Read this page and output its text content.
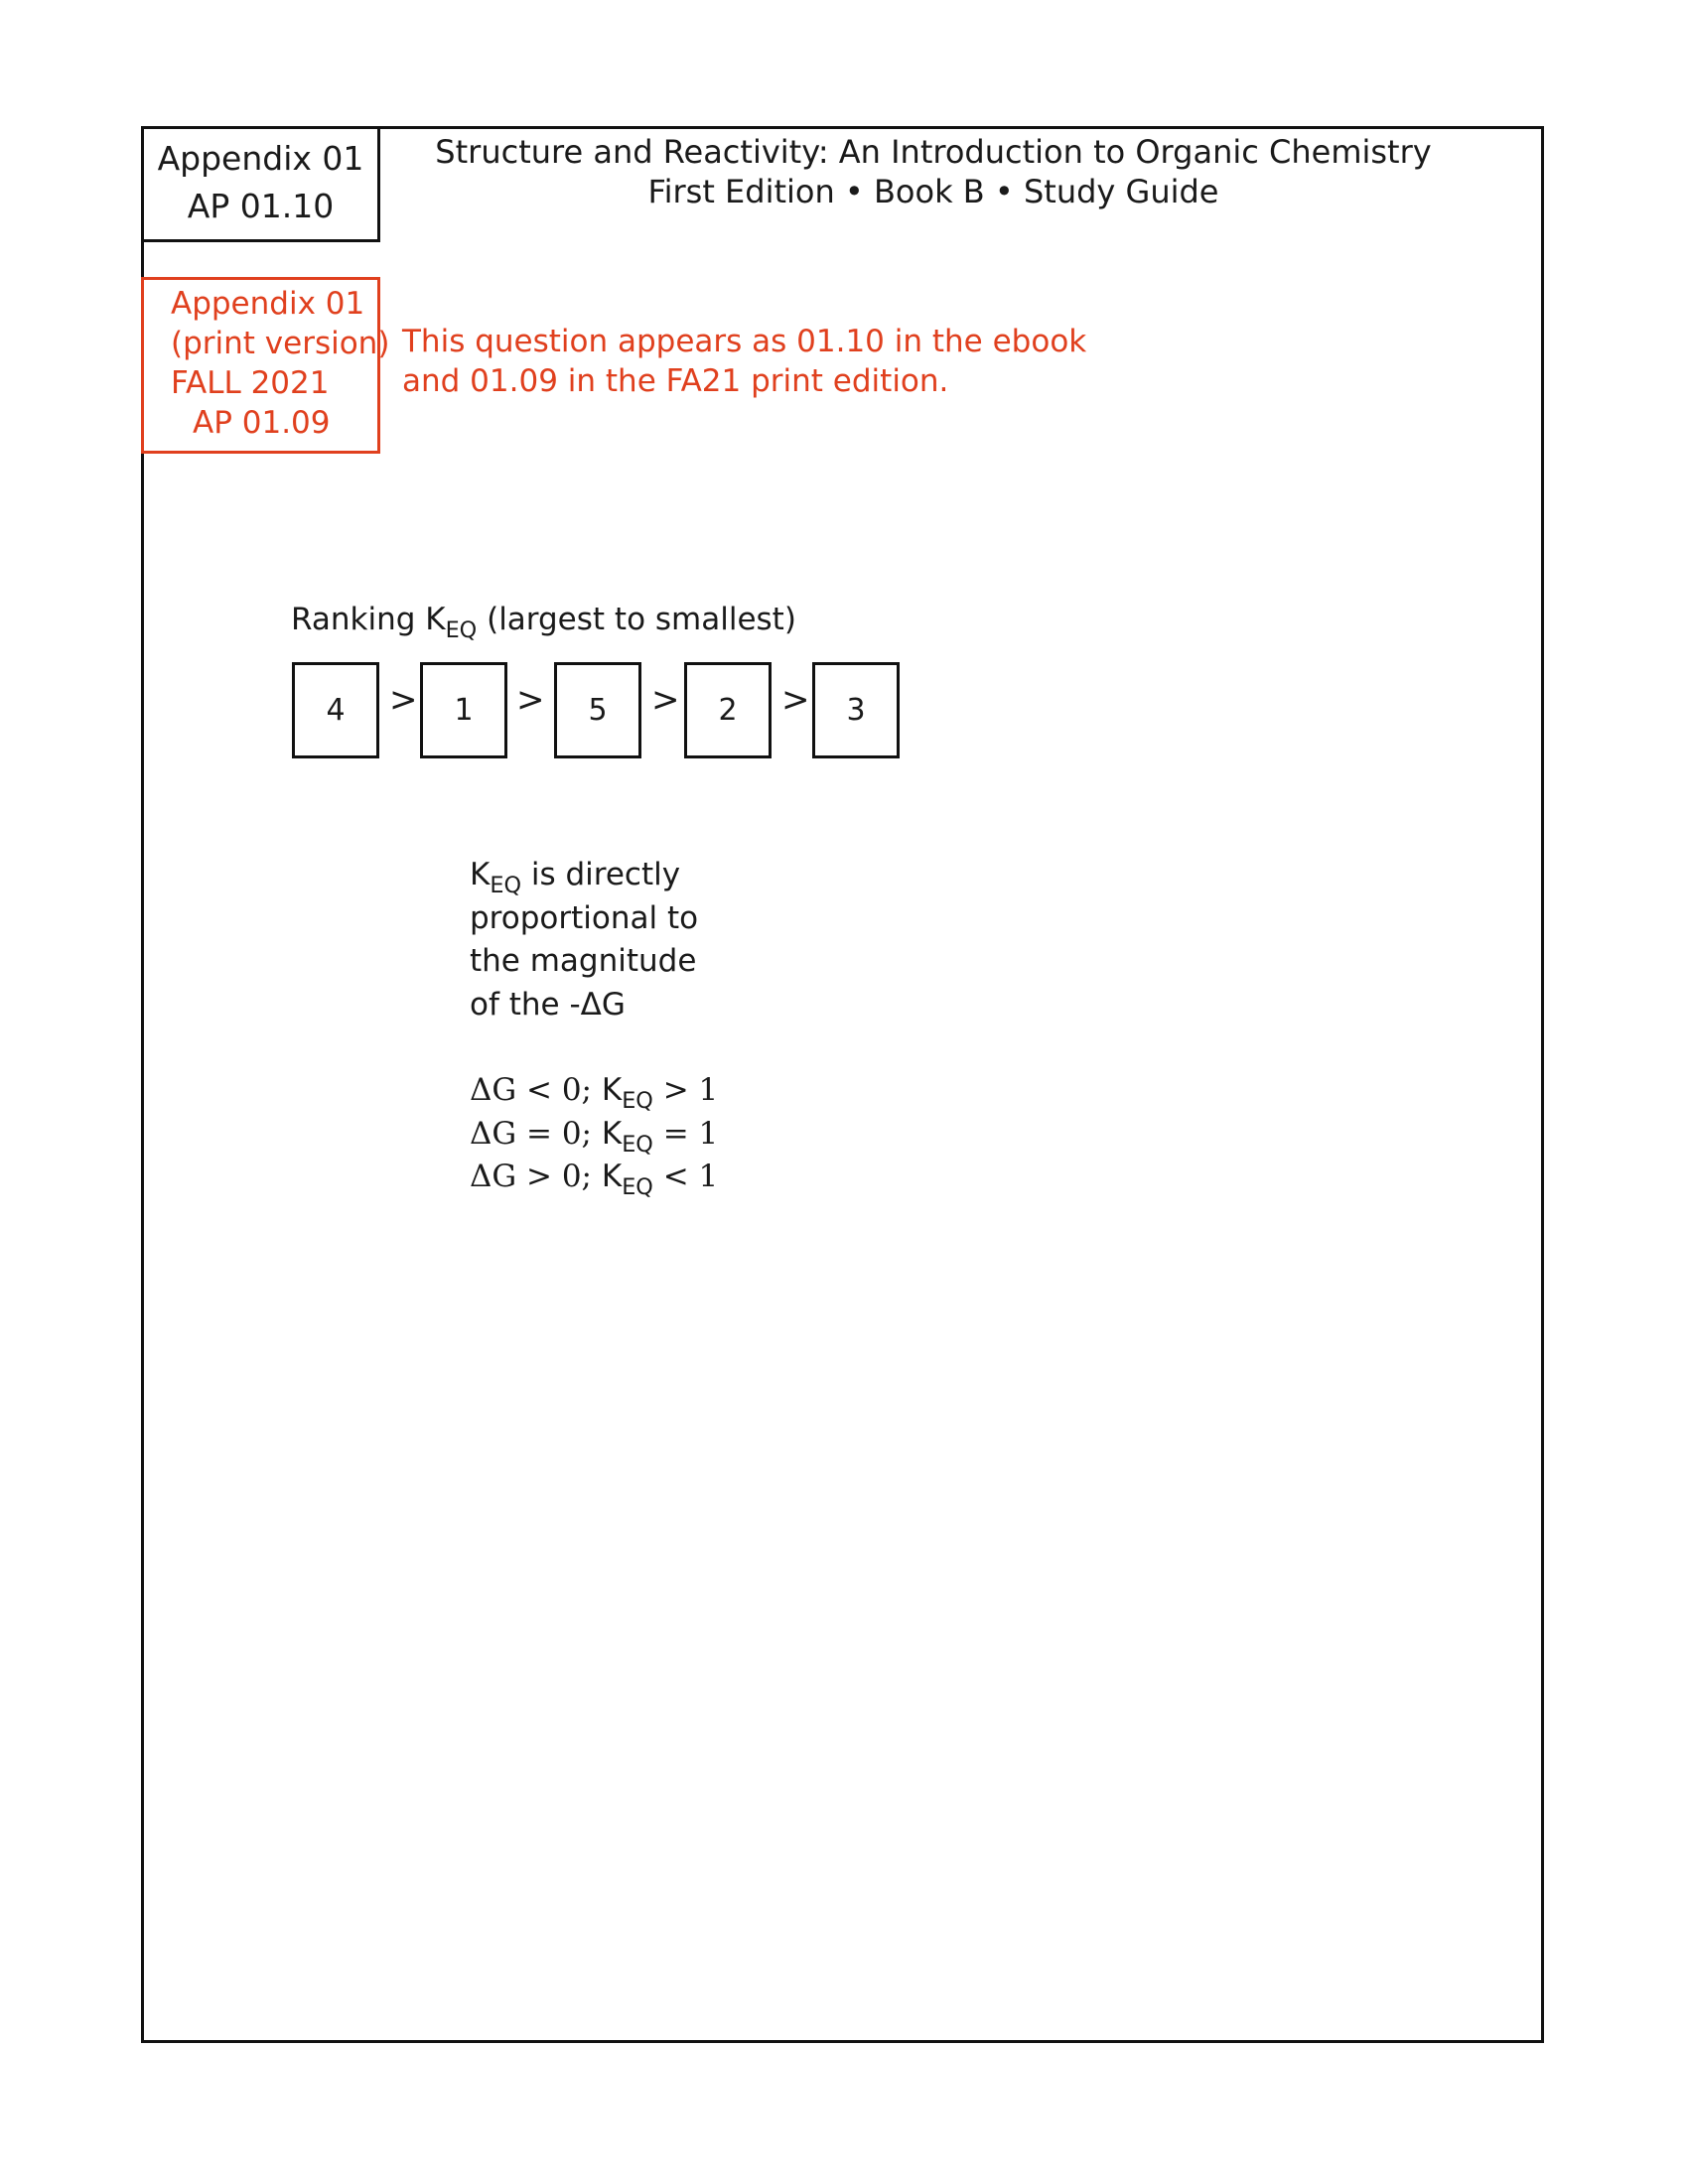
Appendix 01
AP 01.10
Structure and Reactivity: An Introduction to Organic Chemistry
First Edition • Book B • Study Guide
Appendix 01
(print version)
FALL 2021
AP 01.09
This question appears as 01.10 in the ebook
and 01.09 in the FA21 print edition.
Ranking $K_{EQ}$ (largest to smallest)
4	>	1	>	5	>	2	>	3
$K_{EQ}$ is directly
proportional to
the magnitude
of the -ΔG
ΔG < 0; $K_{EQ} > 1$
ΔG = 0; $K_{EQ} = 1$
ΔG > 0; $K_{EQ} < 1$
